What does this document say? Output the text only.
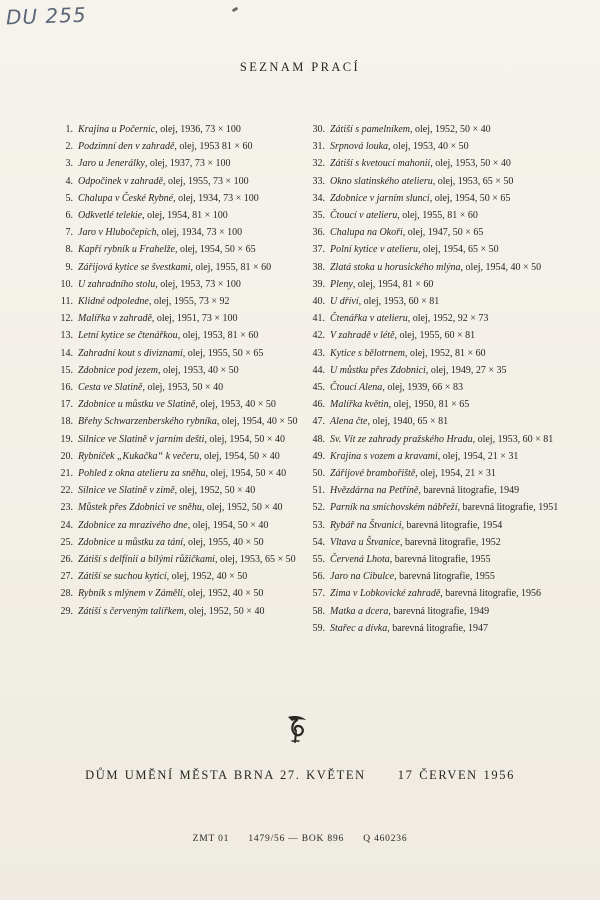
DU 255
SEZNAM PRACÍ
1. Krajina u Počernic, olej, 1936, 73 × 100
2. Podzimní den v zahradě, olej, 1953 81 × 60
3. Jaro u Jenerálky, olej, 1937, 73 × 100
4. Odpočinek v zahradě, olej, 1955, 73 × 100
5. Chalupa v České Rybné, olej, 1934, 73 × 100
6. Odkvetlé telekie, olej, 1954, 81 × 100
7. Jaro v Hlubočepích, olej, 1934, 73 × 100
8. Kapří rybník u Frahelže, olej, 1954, 50 × 65
9. Zářijová kytice se švestkami, olej, 1955, 81 × 60
10. U zahradního stolu, olej, 1953, 73 × 100
11. Klidné odpoledne, olej, 1955, 73 × 92
12. Malířka v zahradě, olej, 1951, 73 × 100
13. Letní kytice se čtenářkou, olej, 1953, 81 × 60
14. Zahradní kout s diviznami, olej, 1955, 50 × 65
15. Zdobnice pod jezem, olej, 1953, 40 × 50
16. Cesta ve Slatině, olej, 1953, 50 × 40
17. Zdobnice u můstku ve Slatině, olej, 1953, 40 × 50
18. Břehy Schwarzenberského rybníka, olej, 1954, 40 × 50
19. Silnice ve Slatině v jarním dešti, olej, 1954, 50 × 40
20. Rybníček „Kukačka“ k večeru, olej, 1954, 50 × 40
21. Pohled z okna atelieru za sněhu, olej, 1954, 50 × 40
22. Silnice ve Slatině v zimě, olej, 1952, 50 × 40
23. Můstek přes Zdobnici ve sněhu, olej, 1952, 50 × 40
24. Zdobnice za mrazivého dne, olej, 1954, 50 × 40
25. Zdobnice u můstku za tání, olej, 1955, 40 × 50
26. Zátiší s delfínií a bílými růžičkami, olej, 1953, 65 × 50
27. Zátiší se suchou kyticí, olej, 1952, 40 × 50
28. Rybník s mlýnem v Zámělí, olej, 1952, 40 × 50
29. Zátiší s červeným talířkem, olej, 1952, 50 × 40
30. Zátiší s pamelníkem, olej, 1952, 50 × 40
31. Srpnová louka, olej, 1953, 40 × 50
32. Zátiší s kvetoucí mahonií, olej, 1953, 50 × 40
33. Okno slatinského atelieru, olej, 1953, 65 × 50
34. Zdobnice v jarním slunci, olej, 1954, 50 × 65
35. Čtoucí v atelieru, olej, 1955, 81 × 60
36. Chalupa na Okoři, olej, 1947, 50 × 65
37. Polní kytice v atelieru, olej, 1954, 65 × 50
38. Zlatá stoka u horusického mlýna, olej, 1954, 40 × 50
39. Pleny, olej, 1954, 81 × 60
40. U dříví, olej, 1953, 60 × 81
41. Čtenářka v atelieru, olej, 1952, 92 × 73
42. V zahradě v létě, olej, 1955, 60 × 81
43. Kytice s bělotrnem, olej, 1952, 81 × 60
44. U můstku přes Zdobnici, olej, 1949, 27 × 35
45. Čtoucí Alena, olej, 1939, 66 × 83
46. Malířka květin, olej, 1950, 81 × 65
47. Alena čte, olej, 1940, 65 × 81
48. Sv. Vít ze zahrady pražského Hradu, olej, 1953, 60 × 81
49. Krajina s vozem a kravami, olej, 1954, 21 × 31
50. Zářijové brambořiště, olej, 1954, 21 × 31
51. Hvězdárna na Petříně, barevná litografie, 1949
52. Parník na smíchovském nábřeží, barevná litografie, 1951
53. Rybář na Štvanici, barevná litografie, 1954
54. Vltava u Štvanice, barevná litografie, 1952
55. Červená Lhota, barevná litografie, 1955
56. Jaro na Cibulce, barevná litografie, 1955
57. Zima v Lobkovické zahradě, barevná litografie, 1956
58. Matka a dcera, barevná litografie, 1949
59. Stařec a dívka, barevná litografie, 1947
DŮM UMĚNÍ MĚSTA BRNA 27. KVĚTEN	17 ČERVEN 1956
ZMT 01 1479/56 — BOK 896 Q 460236
